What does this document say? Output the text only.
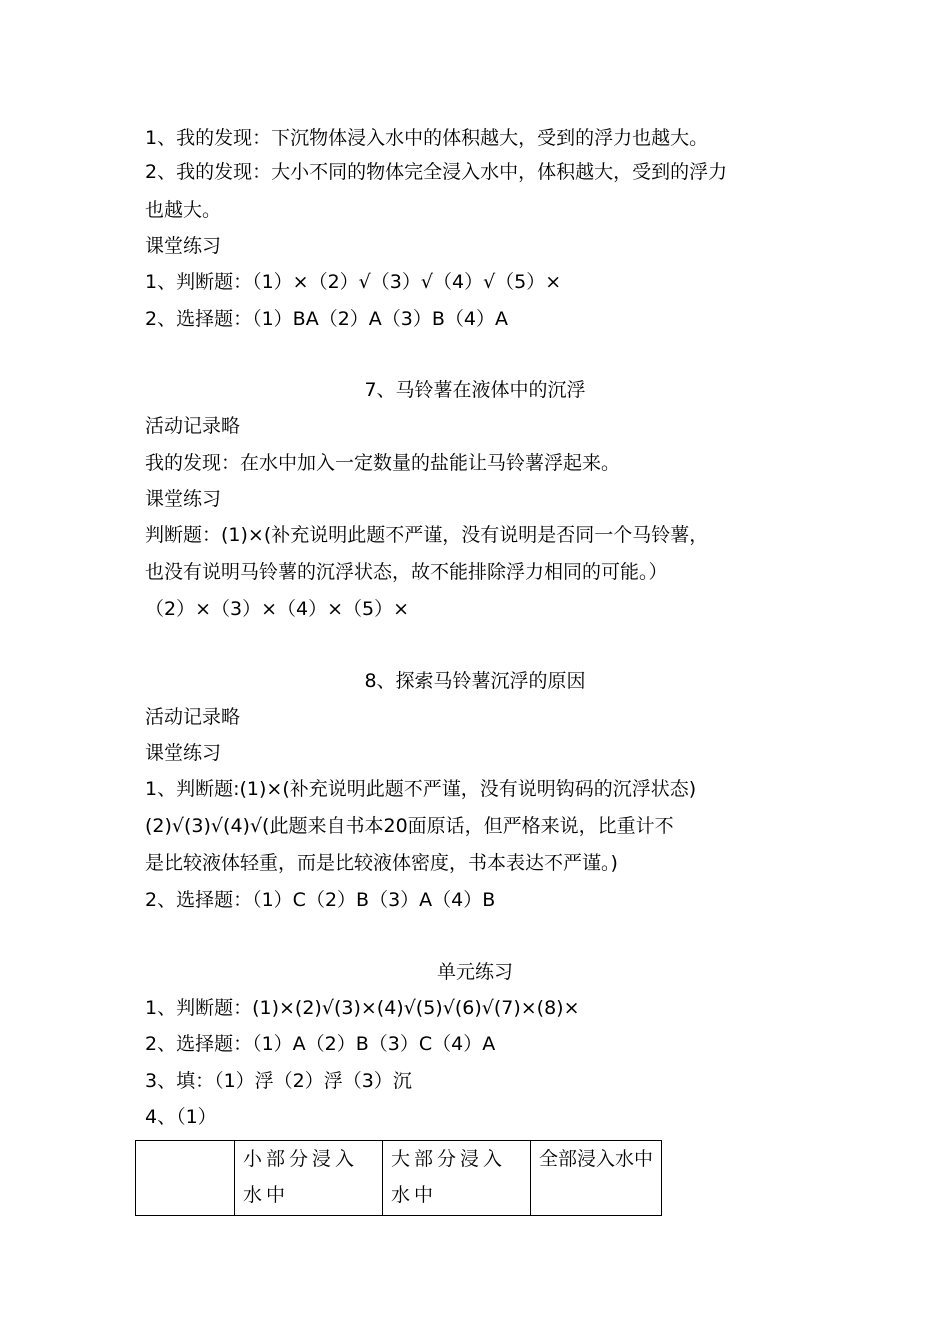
1、我的发现：下沉物体浸入水中的体积越大，受到的浮力也越大。
2、我的发现：大小不同的物体完全浸入水中，体积越大，受到的浮力
也越大。
课堂练习
1、判断题：（1）×（2）√（3）√（4）√（5）×
2、选择题：（1）BA（2）A（3）B（4）A
7、马铃薯在液体中的沉浮
活动记录略
我的发现：在水中加入一定数量的盐能让马铃薯浮起来。
课堂练习
判断题：(1)×(补充说明此题不严谨，没有说明是否同一个马铃薯，
也没有说明马铃薯的沉浮状态，故不能排除浮力相同的可能。）
（2）×（3）×（4）×（5）×
8、探索马铃薯沉浮的原因
活动记录略
课堂练习
1、判断题:(1)×(补充说明此题不严谨，没有说明钩码的沉浮状态)
(2)√(3)√(4)√(此题来自书本20面原话，但严格来说，比重计不
是比较液体轻重，而是比较液体密度，书本表达不严谨。)
2、选择题：（1）C（2）B（3）A（4）B
单元练习
1、判断题：(1)×(2)√(3)×(4)√(5)√(6)√(7)×(8)×
2、选择题：（1）A（2）B（3）C（4）A
3、填：（1）浮（2）浮（3）沉
4、（1）
	小部分浸入水中	大部分浸入水中	全部浸入水中
